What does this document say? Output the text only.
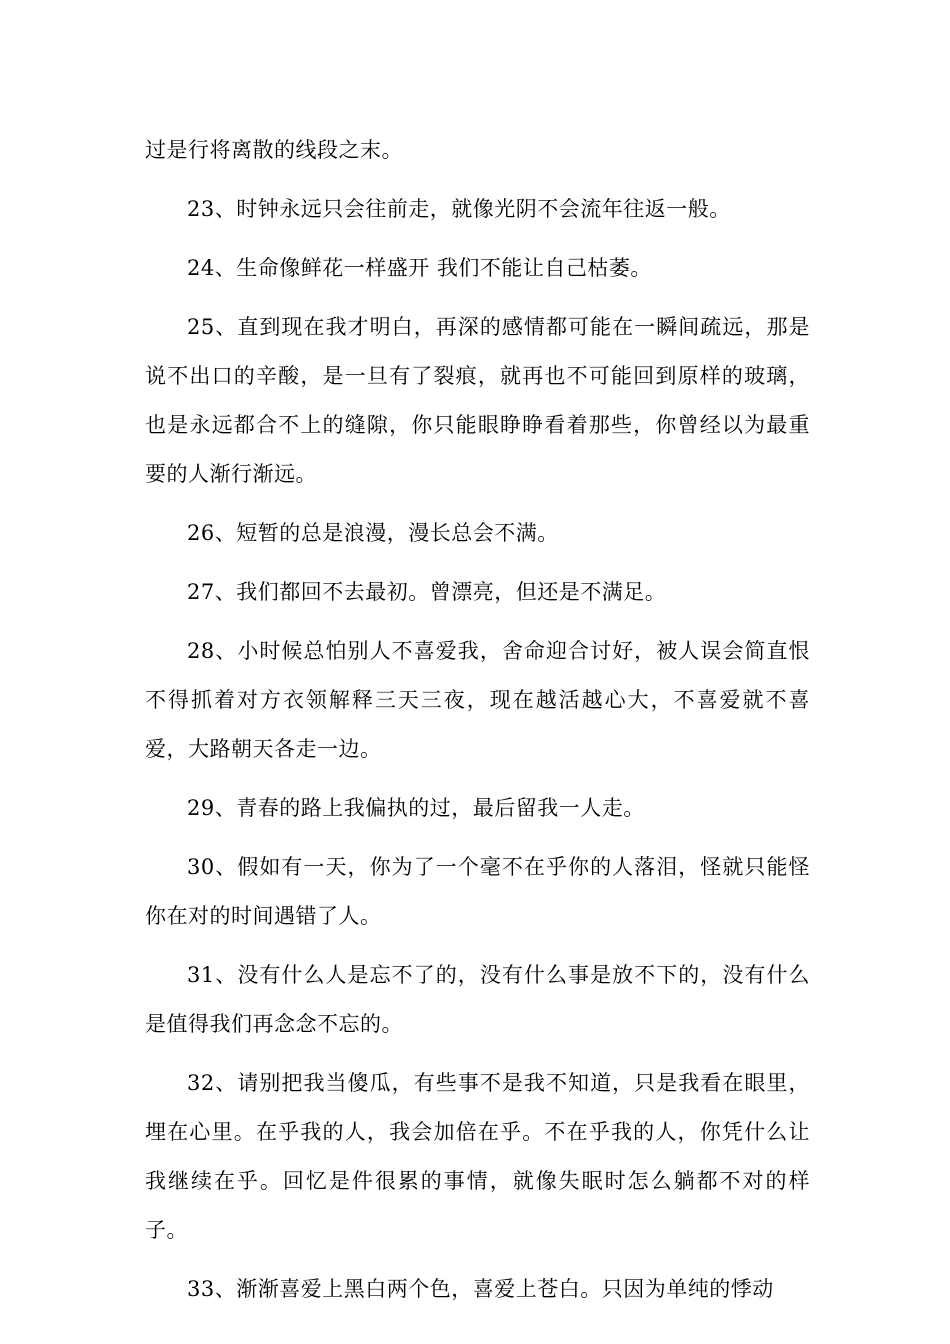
过是行将离散的线段之末。

23、时钟永远只会往前走，就像光阴不会流年往返一般。

24、生命像鲜花一样盛开 我们不能让自己枯萎。

25、直到现在我才明白，再深的感情都可能在一瞬间疏远，那是说不出口的辛酸，是一旦有了裂痕，就再也不可能回到原样的玻璃，也是永远都合不上的缝隙，你只能眼睁睁看着那些，你曾经以为最重要的人渐行渐远。

26、短暂的总是浪漫，漫长总会不满。

27、我们都回不去最初。曾漂亮，但还是不满足。

28、小时候总怕别人不喜爱我，舍命迎合讨好，被人误会简直恨不得抓着对方衣领解释三天三夜，现在越活越心大，不喜爱就不喜爱，大路朝天各走一边。

29、青春的路上我偏执的过，最后留我一人走。

30、假如有一天，你为了一个毫不在乎你的人落泪，怪就只能怪你在对的时间遇错了人。

31、没有什么人是忘不了的，没有什么事是放不下的，没有什么是值得我们再念念不忘的。

32、请别把我当傻瓜，有些事不是我不知道，只是我看在眼里，埋在心里。在乎我的人，我会加倍在乎。不在乎我的人，你凭什么让我继续在乎。回忆是件很累的事情，就像失眠时怎么躺都不对的样子。

33、渐渐喜爱上黑白两个色，喜爱上苍白。只因为单纯的悸动
